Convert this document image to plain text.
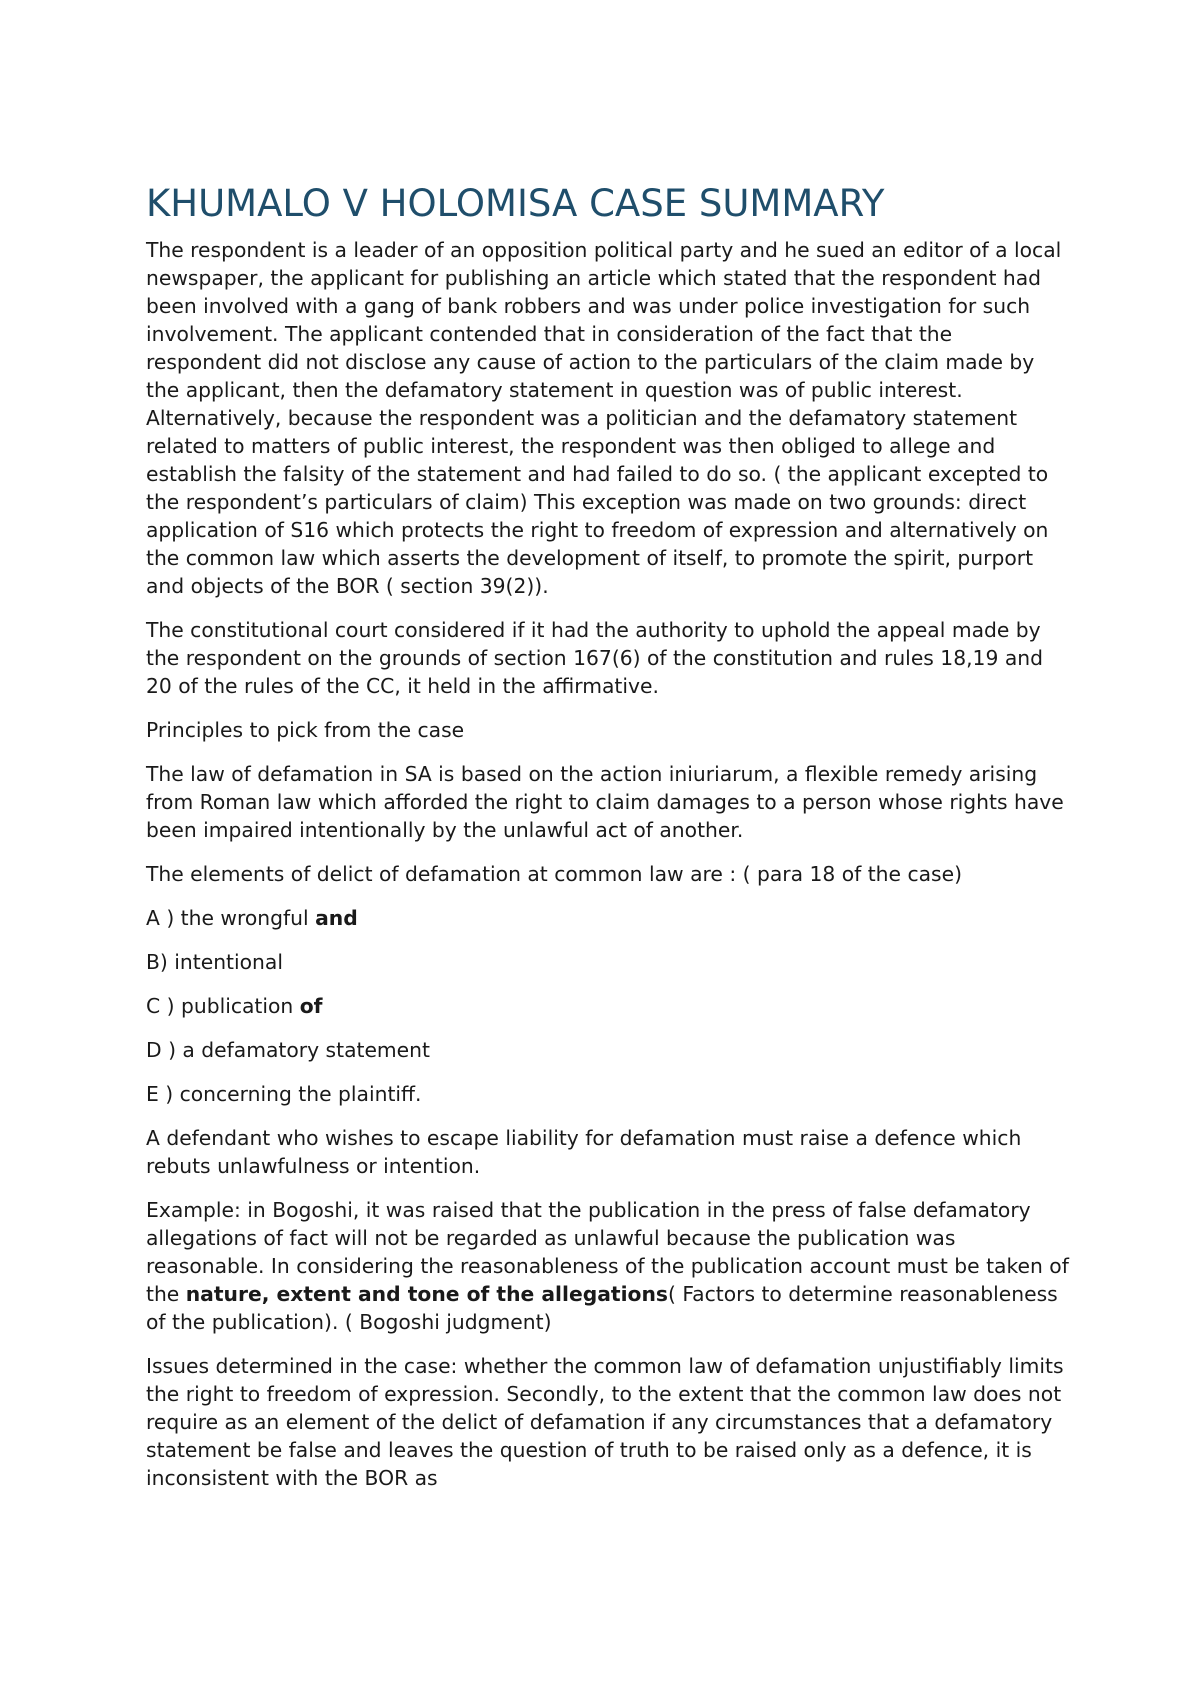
KHUMALO V HOLOMISA CASE SUMMARY

The respondent is a leader of an opposition political party and he sued an editor of a local newspaper, the applicant for publishing an article which stated that the respondent had been involved with a gang of bank robbers and was under police investigation for such involvement. The applicant contended that in consideration of the fact that the respondent did not disclose any cause of action to the particulars of the claim made by the applicant, then the defamatory statement in question was of public interest. Alternatively, because the respondent was a politician and the defamatory statement related to matters of public interest, the respondent was then obliged to allege and establish the falsity of the statement and had failed to do so. ( the applicant excepted to the respondent’s particulars of claim) This exception was made on two grounds: direct application of S16 which protects the right to freedom of expression and alternatively on the common law which asserts the development of itself, to promote the spirit, purport and objects of the BOR ( section 39(2)).

The constitutional court considered if it had the authority to uphold the appeal made by the respondent on the grounds of section 167(6) of the constitution and rules 18,19 and 20 of the rules of the CC, it held in the affirmative.

Principles to pick from the case

The law of defamation in SA is based on the action iniuriarum, a flexible remedy arising from Roman law which afforded the right to claim damages to a person whose rights have been impaired intentionally by the unlawful act of another.

The elements of delict of defamation at common law are : ( para 18 of the case)

A ) the wrongful and

B) intentional

C ) publication of

D ) a defamatory statement

E ) concerning the plaintiff.

A defendant who wishes to escape liability for defamation must raise a defence which rebuts unlawfulness or intention.

Example: in Bogoshi, it was raised that the publication in the press of false defamatory allegations of fact will not be regarded as unlawful because the publication was reasonable. In considering the reasonableness of the publication account must be taken of the nature, extent and tone of the allegations( Factors to determine reasonableness of the publication). ( Bogoshi judgment)

Issues determined in the case: whether the common law of defamation unjustifiably limits the right to freedom of expression. Secondly, to the extent that the common law does not require as an element of the delict of defamation if any circumstances that a defamatory statement be false and leaves the question of truth to be raised only as a defence, it is inconsistent with the BOR as
